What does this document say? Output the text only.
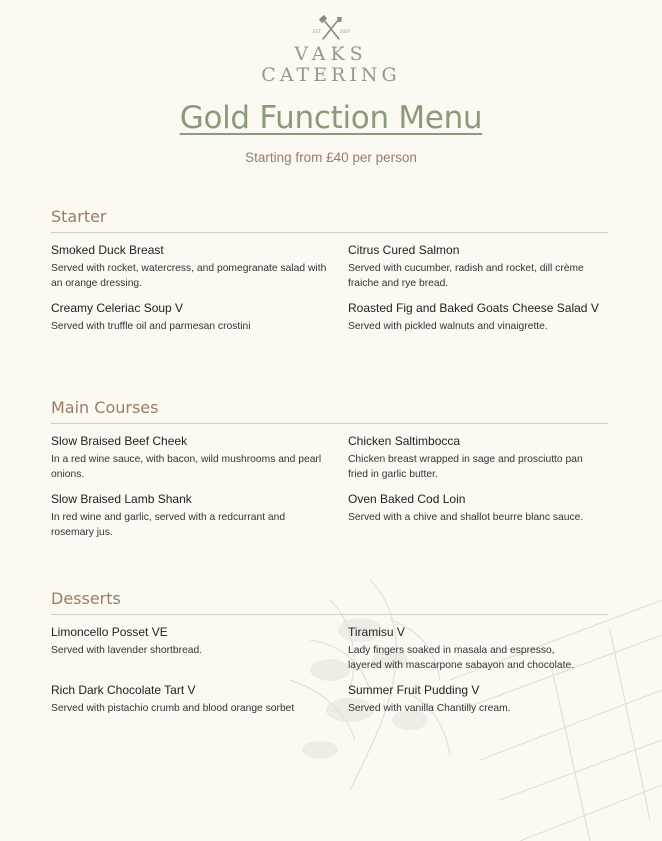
EST	2007
VAKS
CATERING
Gold Function Menu
Starting from £40 per person
Starter
Smoked Duck Breast
Served with rocket, watercress, and pomegranate salad with an orange dressing.
Citrus Cured Salmon
Served with cucumber, radish and rocket, dill crème fraiche and rye bread.
Creamy Celeriac Soup V
Served with truffle oil and parmesan crostini
Roasted Fig and Baked Goats Cheese Salad V
Served with pickled walnuts and vinaigrette.
Main Courses
Slow Braised Beef Cheek
In a red wine sauce, with bacon, wild mushrooms and pearl onions.
Chicken Saltimbocca
Chicken breast wrapped in sage and prosciutto pan fried in garlic butter.
Slow Braised Lamb Shank
In red wine and garlic, served with a redcurrant and rosemary jus.
Oven Baked Cod Loin
Served with a chive and shallot beurre blanc sauce.
Desserts
Limoncello Posset VE
Served with lavender shortbread.
Tiramisu V
Lady fingers soaked in masala and espresso, layered with mascarpone sabayon and chocolate.
Rich Dark Chocolate Tart V
Served with pistachio crumb and blood orange sorbet
Summer Fruit Pudding V
Served with vanilla Chantilly cream.
